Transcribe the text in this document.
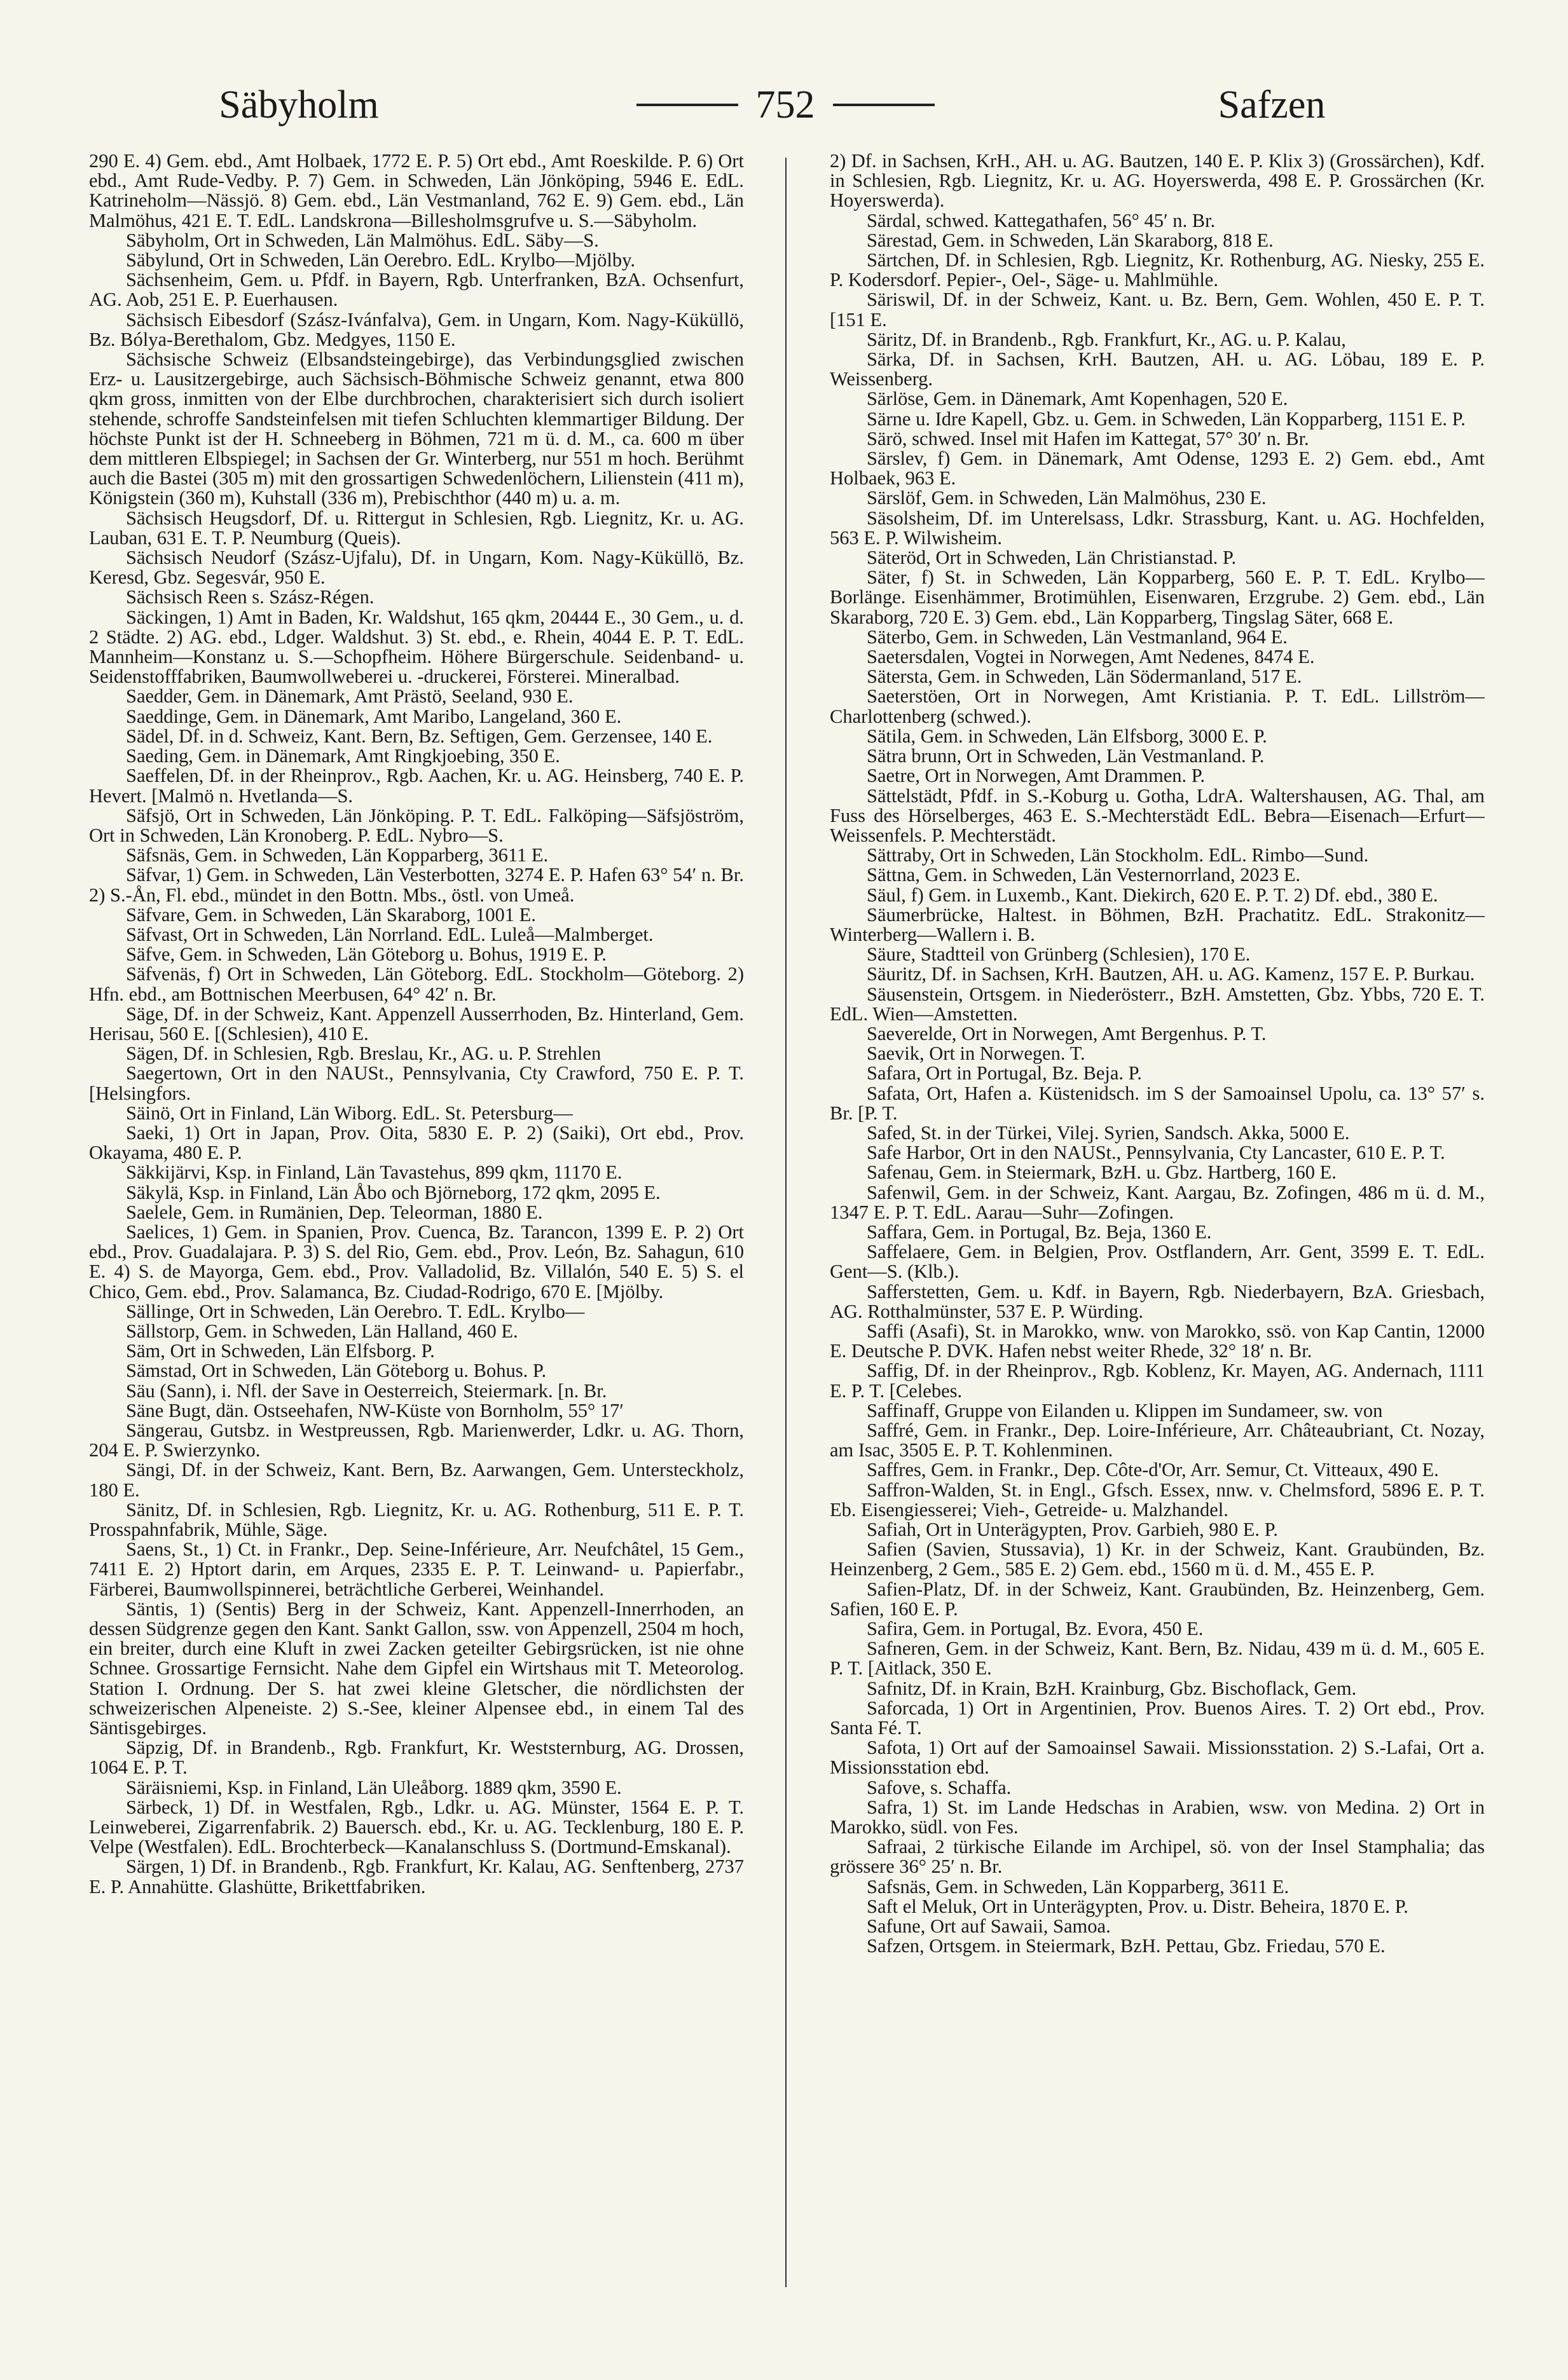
Säbyholm	752	Safzen

290 E. 4) Gem. ebd., Amt Holbaek, 1772 E. P. 5) Ort ebd., Amt Roeskilde. P. 6) Ort ebd., Amt Rude-Vedby. P. 7) Gem. in Schweden, Län Jönköping, 5946 E. EdL. Katrineholm—Nässjö. 8) Gem. ebd., Län Vestmanland, 762 E. 9) Gem. ebd., Län Malmöhus, 421 E. T. EdL. Landskrona—Billesholmsgrufve u. S.—Säbyholm.

Säbyholm, Ort in Schweden, Län Malmöhus. EdL. Säby—S.

Säbylund, Ort in Schweden, Län Oerebro. EdL. Krylbo—Mjölby.

Sächsenheim, Gem. u. Pfdf. in Bayern, Rgb. Unterfranken, BzA. Ochsenfurt, AG. Aob, 251 E. P. Euerhausen.

Sächsisch Eibesdorf (Szász-Ivánfalva), Gem. in Ungarn, Kom. Nagy-Küküllö, Bz. Bólya-Berethalom, Gbz. Medgyes, 1150 E.

Sächsische Schweiz (Elbsandsteingebirge), das Verbindungsglied zwischen Erz- u. Lausitzergebirge, auch Sächsisch-Böhmische Schweiz genannt, etwa 800 qkm gross, inmitten von der Elbe durchbrochen, charakterisiert sich durch isoliert stehende, schroffe Sandsteinfelsen mit tiefen Schluchten klemmartiger Bildung. Der höchste Punkt ist der H. Schneeberg in Böhmen, 721 m ü. d. M., ca. 600 m über dem mittleren Elbspiegel; in Sachsen der Gr. Winterberg, nur 551 m hoch. Berühmt auch die Bastei (305 m) mit den grossartigen Schwedenlöchern, Lilienstein (411 m), Königstein (360 m), Kuhstall (336 m), Prebischthor (440 m) u. a. m.

Sächsisch Heugsdorf, Df. u. Rittergut in Schlesien, Rgb. Liegnitz, Kr. u. AG. Lauban, 631 E. T. P. Neumburg (Queis).

Sächsisch Neudorf (Szász-Ujfalu), Df. in Ungarn, Kom. Nagy-Küküllö, Bz. Keresd, Gbz. Segesvár, 950 E.

Sächsisch Reen s. Szász-Régen.

Säckingen, 1) Amt in Baden, Kr. Waldshut, 165 qkm, 20444 E., 30 Gem., u. d. 2 Städte. 2) AG. ebd., Ldger. Waldshut. 3) St. ebd., e. Rhein, 4044 E. P. T. EdL. Mannheim—Konstanz u. S.—Schopfheim. Höhere Bürgerschule. Seidenband- u. Seidenstofffabriken, Baumwollweberei u. -druckerei, Försterei. Mineralbad.

Saedder, Gem. in Dänemark, Amt Prästö, Seeland, 930 E.

Saeddinge, Gem. in Dänemark, Amt Maribo, Langeland, 360 E.

Sädel, Df. in d. Schweiz, Kant. Bern, Bz. Seftigen, Gem. Gerzensee, 140 E.

Saeding, Gem. in Dänemark, Amt Ringkjoebing, 350 E.

Saeffelen, Df. in der Rheinprov., Rgb. Aachen, Kr. u. AG. Heinsberg, 740 E. P. Hevert. [Malmö n. Hvetlanda—S.

Säfsjö, Ort in Schweden, Län Jönköping. P. T. EdL. Falköping—Säfsjöström, Ort in Schweden, Län Kronoberg. P. EdL. Nybro—S.

Säfsnäs, Gem. in Schweden, Län Kopparberg, 3611 E.

Säfvar, 1) Gem. in Schweden, Län Vesterbotten, 3274 E. P. Hafen 63° 54′ n. Br. 2) S.-Ån, Fl. ebd., mündet in den Bottn. Mbs., östl. von Umeå.

Säfvare, Gem. in Schweden, Län Skaraborg, 1001 E.

Säfvast, Ort in Schweden, Län Norrland. EdL. Luleå—Malmberget.

Säfve, Gem. in Schweden, Län Göteborg u. Bohus, 1919 E. P.

Säfvenäs, f) Ort in Schweden, Län Göteborg. EdL. Stockholm—Göteborg. 2) Hfn. ebd., am Bottnischen Meerbusen, 64° 42′ n. Br.

Säge, Df. in der Schweiz, Kant. Appenzell Ausserrhoden, Bz. Hinterland, Gem. Herisau, 560 E. [(Schlesien), 410 E.

Sägen, Df. in Schlesien, Rgb. Breslau, Kr., AG. u. P. Strehlen

Saegertown, Ort in den NAUSt., Pennsylvania, Cty Crawford, 750 E. P. T. [Helsingfors.

Säinö, Ort in Finland, Län Wiborg. EdL. St. Petersburg—

Saeki, 1) Ort in Japan, Prov. Oita, 5830 E. P. 2) (Saiki), Ort ebd., Prov. Okayama, 480 E. P.

Säkkijärvi, Ksp. in Finland, Län Tavastehus, 899 qkm, 11170 E.

Säkylä, Ksp. in Finland, Län Åbo och Björneborg, 172 qkm, 2095 E.

Saelele, Gem. in Rumänien, Dep. Teleorman, 1880 E.

Saelices, 1) Gem. in Spanien, Prov. Cuenca, Bz. Tarancon, 1399 E. P. 2) Ort ebd., Prov. Guadalajara. P. 3) S. del Rio, Gem. ebd., Prov. León, Bz. Sahagun, 610 E. 4) S. de Mayorga, Gem. ebd., Prov. Valladolid, Bz. Villalón, 540 E. 5) S. el Chico, Gem. ebd., Prov. Salamanca, Bz. Ciudad-Rodrigo, 670 E. [Mjölby.

Sällinge, Ort in Schweden, Län Oerebro. T. EdL. Krylbo—

Sällstorp, Gem. in Schweden, Län Halland, 460 E.

Säm, Ort in Schweden, Län Elfsborg. P.

Sämstad, Ort in Schweden, Län Göteborg u. Bohus. P.

Säu (Sann), i. Nfl. der Save in Oesterreich, Steiermark. [n. Br.

Säne Bugt, dän. Ostseehafen, NW-Küste von Bornholm, 55° 17′

Sängerau, Gutsbz. in Westpreussen, Rgb. Marienwerder, Ldkr. u. AG. Thorn, 204 E. P. Swierzynko.

Sängi, Df. in der Schweiz, Kant. Bern, Bz. Aarwangen, Gem. Untersteckholz, 180 E.

Sänitz, Df. in Schlesien, Rgb. Liegnitz, Kr. u. AG. Rothenburg, 511 E. P. T. Prosspahnfabrik, Mühle, Säge.

Saens, St., 1) Ct. in Frankr., Dep. Seine-Inférieure, Arr. Neufchâtel, 15 Gem., 7411 E. 2) Hptort darin, em Arques, 2335 E. P. T. Leinwand- u. Papierfabr., Färberei, Baumwollspinnerei, beträchtliche Gerberei, Weinhandel.

Säntis, 1) (Sentis) Berg in der Schweiz, Kant. Appenzell-Innerrhoden, an dessen Südgrenze gegen den Kant. Sankt Gallon, ssw. von Appenzell, 2504 m hoch, ein breiter, durch eine Kluft in zwei Zacken geteilter Gebirgsrücken, ist nie ohne Schnee. Grossartige Fernsicht. Nahe dem Gipfel ein Wirtshaus mit T. Meteorolog. Station I. Ordnung. Der S. hat zwei kleine Gletscher, die nördlichsten der schweizerischen Alpeneiste. 2) S.-See, kleiner Alpensee ebd., in einem Tal des Säntisgebirges.

Säpzig, Df. in Brandenb., Rgb. Frankfurt, Kr. Weststernburg, AG. Drossen, 1064 E. P. T.

Säräisniemi, Ksp. in Finland, Län Uleåborg. 1889 qkm, 3590 E.

Särbeck, 1) Df. in Westfalen, Rgb., Ldkr. u. AG. Münster, 1564 E. P. T. Leinweberei, Zigarrenfabrik. 2) Bauersch. ebd., Kr. u. AG. Tecklenburg, 180 E. P. Velpe (Westfalen). EdL. Brochterbeck—Kanalanschluss S. (Dortmund-Emskanal).

Särgen, 1) Df. in Brandenb., Rgb. Frankfurt, Kr. Kalau, AG. Senftenberg, 2737 E. P. Annahütte. Glashütte, Brikettfabriken.

2) Df. in Sachsen, KrH., AH. u. AG. Bautzen, 140 E. P. Klix 3) (Grossärchen), Kdf. in Schlesien, Rgb. Liegnitz, Kr. u. AG. Hoyerswerda, 498 E. P. Grossärchen (Kr. Hoyerswerda).

Särdal, schwed. Kattegathafen, 56° 45′ n. Br.

Särestad, Gem. in Schweden, Län Skaraborg, 818 E.

Särtchen, Df. in Schlesien, Rgb. Liegnitz, Kr. Rothenburg, AG. Niesky, 255 E. P. Kodersdorf. Pepier-, Oel-, Säge- u. Mahlmühle.

Säriswil, Df. in der Schweiz, Kant. u. Bz. Bern, Gem. Wohlen, 450 E. P. T. [151 E.

Säritz, Df. in Brandenb., Rgb. Frankfurt, Kr., AG. u. P. Kalau,

Särka, Df. in Sachsen, KrH. Bautzen, AH. u. AG. Löbau, 189 E. P. Weissenberg.

Särlöse, Gem. in Dänemark, Amt Kopenhagen, 520 E.

Särne u. Idre Kapell, Gbz. u. Gem. in Schweden, Län Kopparberg, 1151 E. P.

Särö, schwed. Insel mit Hafen im Kattegat, 57° 30′ n. Br.

Särslev, f) Gem. in Dänemark, Amt Odense, 1293 E. 2) Gem. ebd., Amt Holbaek, 963 E.

Särslöf, Gem. in Schweden, Län Malmöhus, 230 E.

Säsolsheim, Df. im Unterelsass, Ldkr. Strassburg, Kant. u. AG. Hochfelden, 563 E. P. Wilwisheim.

Säteröd, Ort in Schweden, Län Christianstad. P.

Säter, f) St. in Schweden, Län Kopparberg, 560 E. P. T. EdL. Krylbo—Borlänge. Eisenhämmer, Brotimühlen, Eisenwaren, Erzgrube. 2) Gem. ebd., Län Skaraborg, 720 E. 3) Gem. ebd., Län Kopparberg, Tingslag Säter, 668 E.

Säterbo, Gem. in Schweden, Län Vestmanland, 964 E.

Saetersdalen, Vogtei in Norwegen, Amt Nedenes, 8474 E.

Säterstа, Gem. in Schweden, Län Södermanland, 517 E.

Saeterstöen, Ort in Norwegen, Amt Kristiania. P. T. EdL. Lillström—Charlottenberg (schwed.).

Sätila, Gem. in Schweden, Län Elfsborg, 3000 E. P.

Sätra brunn, Ort in Schweden, Län Vestmanland. P.

Saetre, Ort in Norwegen, Amt Drammen. P.

Sättelstädt, Pfdf. in S.-Koburg u. Gotha, LdrA. Waltershausen, AG. Thal, am Fuss des Hörselberges, 463 E. S.-Mechterstädt EdL. Bebra—Eisenach—Erfurt—Weissenfels. P. Mechterstädt.

Sättraby, Ort in Schweden, Län Stockholm. EdL. Rimbo—Sund.

Sättna, Gem. in Schweden, Län Vesternorrland, 2023 E.

Säul, f) Gem. in Luxemb., Kant. Diekirch, 620 E. P. T. 2) Df. ebd., 380 E.

Säumerbrücke, Haltest. in Böhmen, BzH. Prachatitz. EdL. Strakonitz—Winterberg—Wallern i. B.

Säure, Stadtteil von Grünberg (Schlesien), 170 E.

Säuritz, Df. in Sachsen, KrH. Bautzen, AH. u. AG. Kamenz, 157 E. P. Burkau.

Säusenstein, Ortsgem. in Niederösterr., BzH. Amstetten, Gbz. Ybbs, 720 E. T. EdL. Wien—Amstetten.

Saeverelde, Ort in Norwegen, Amt Bergenhus. P. T.

Saevik, Ort in Norwegen. T.

Safara, Ort in Portugal, Bz. Beja. P.

Safata, Ort, Hafen a. Küstenidsch. im S der Samoainsel Upolu, ca. 13° 57′ s. Br. [P. T.

Safed, St. in der Türkei, Vilej. Syrien, Sandsch. Akka, 5000 E.

Safe Harbor, Ort in den NAUSt., Pennsylvania, Cty Lancaster, 610 E. P. T.

Safenau, Gem. in Steiermark, BzH. u. Gbz. Hartberg, 160 E.

Safenwil, Gem. in der Schweiz, Kant. Aargau, Bz. Zofingen, 486 m ü. d. M., 1347 E. P. T. EdL. Aarau—Suhr—Zofingen.

Saffara, Gem. in Portugal, Bz. Beja, 1360 E.

Saffelaere, Gem. in Belgien, Prov. Ostflandern, Arr. Gent, 3599 E. T. EdL. Gent—S. (Klb.).

Safferstetten, Gem. u. Kdf. in Bayern, Rgb. Niederbayern, BzA. Griesbach, AG. Rotthalmünster, 537 E. P. Würding.

Saffi (Asafi), St. in Marokko, wnw. von Marokko, ssö. von Kap Cantin, 12000 E. Deutsche P. DVK. Hafen nebst weiter Rhede, 32° 18′ n. Br.

Saffig, Df. in der Rheinprov., Rgb. Koblenz, Kr. Mayen, AG. Andernach, 1111 E. P. T. [Celebes.

Saffinaff, Gruppe von Eilanden u. Klippen im Sundameer, sw. von

Saffré, Gem. in Frankr., Dep. Loire-Inférieure, Arr. Châteaubriant, Ct. Nozay, am Isac, 3505 E. P. T. Kohlenminen.

Saffres, Gem. in Frankr., Dep. Côte-d'Or, Arr. Semur, Ct. Vitteaux, 490 E.

Saffron-Walden, St. in Engl., Gfsch. Essex, nnw. v. Chelmsford, 5896 E. P. T. Eb. Eisengiesserei; Vieh-, Getreide- u. Malzhandel.

Safiah, Ort in Unterägypten, Prov. Garbieh, 980 E. P.

Safien (Savien, Stussavia), 1) Kr. in der Schweiz, Kant. Graubünden, Bz. Heinzenberg, 2 Gem., 585 E. 2) Gem. ebd., 1560 m ü. d. M., 455 E. P.

Safien-Platz, Df. in der Schweiz, Kant. Graubünden, Bz. Heinzenberg, Gem. Safien, 160 E. P.

Safira, Gem. in Portugal, Bz. Evora, 450 E.

Safneren, Gem. in der Schweiz, Kant. Bern, Bz. Nidau, 439 m ü. d. M., 605 E. P. T. [Aitlack, 350 E.

Safnitz, Df. in Krain, BzH. Krainburg, Gbz. Bischoflack, Gem.

Saforcada, 1) Ort in Argentinien, Prov. Buenos Aires. T. 2) Ort ebd., Prov. Santa Fé. T.

Safota, 1) Ort auf der Samoainsel Sawaii. Missionsstation. 2) S.-Lafai, Ort a. Missionsstation ebd.

Safove, s. Schaffa.

Safra, 1) St. im Lande Hedschas in Arabien, wsw. von Medina. 2) Ort in Marokko, südl. von Fes.

Safraai, 2 türkische Eilande im Archipel, sö. von der Insel Stamphalia; das grössere 36° 25′ n. Br.

Safsnäs, Gem. in Schweden, Län Kopparberg, 3611 E.

Saft el Meluk, Ort in Unterägypten, Prov. u. Distr. Beheira, 1870 E. P.

Safune, Ort auf Sawaii, Samoa.

Safzen, Ortsgem. in Steiermark, BzH. Pettau, Gbz. Friedau, 570 E.
